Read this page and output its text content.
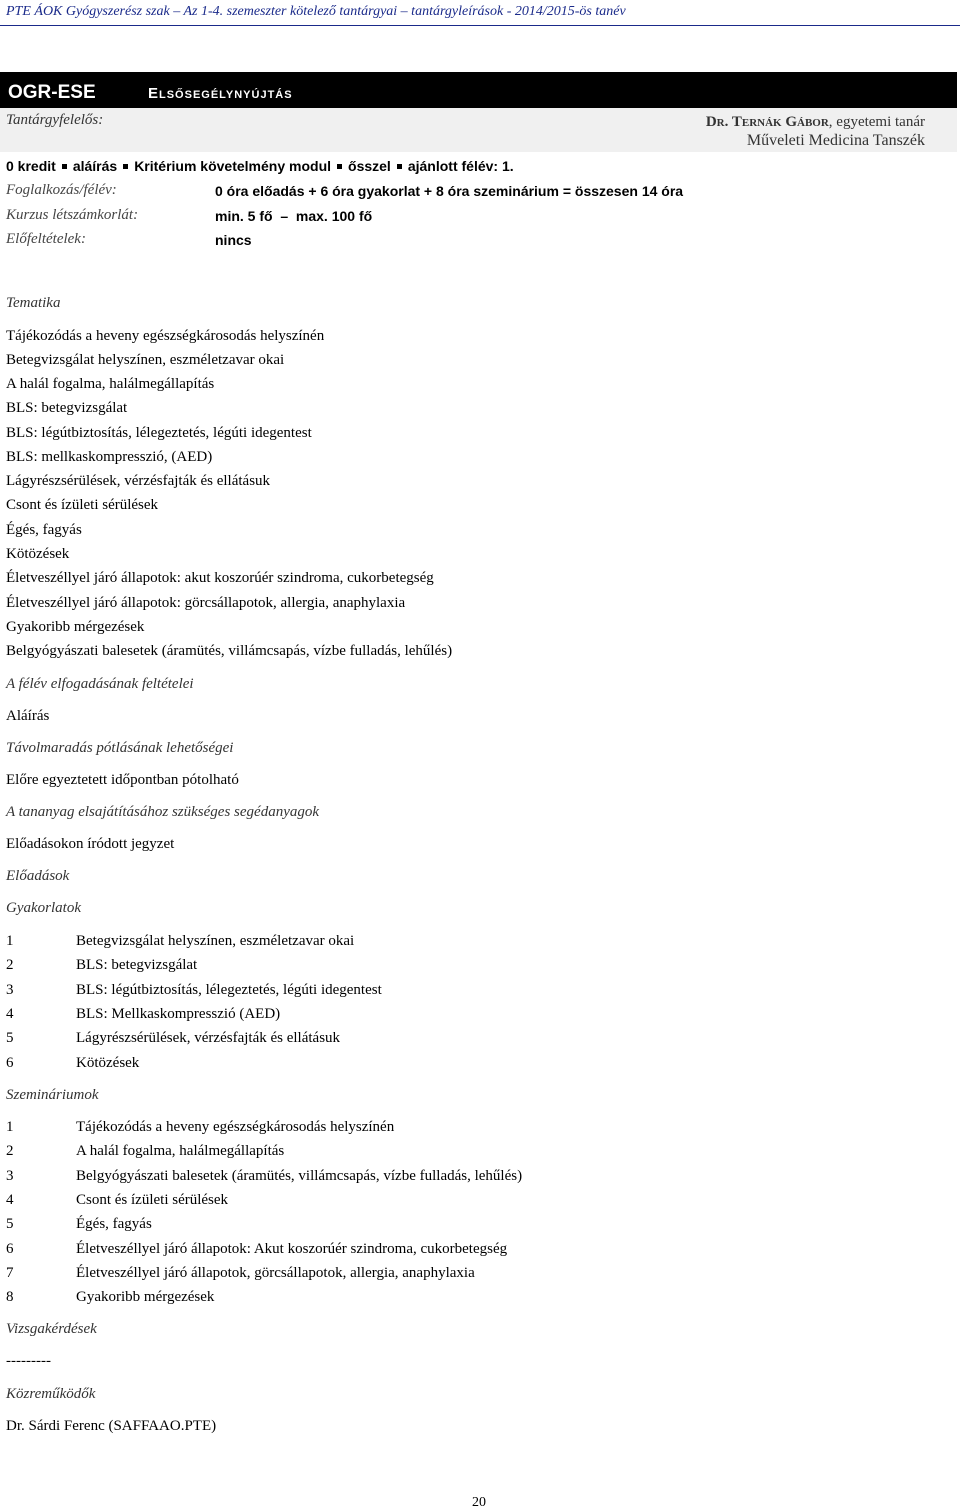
PTE ÁOK Gyógyszerész szak – Az 1-4. szemeszter kötelező tantárgyai – tantárgyleírások - 2014/2015-ös tanév
OGR-ESE	Elsősegélynyújtás
Tantárgyfelelős:	Dr. Ternák Gábor, egyetemi tanár
Műveleti Medicina Tanszék
0 kredit aláírás Kritérium követelmény modul ősszel ajánlott félév: 1.
Foglalkozás/félév:	0 óra előadás + 6 óra gyakorlat + 8 óra szeminárium = összesen 14 óra
Kurzus létszámkorlát:	min. 5 fő  –  max. 100 fő
Előfeltételek:	nincs
Tematika
Tájékozódás a heveny egészségkárosodás helyszínén
Betegvizsgálat helyszínen, eszméletzavar okai
A halál fogalma, halálmegállapítás
BLS: betegvizsgálat
BLS: légútbiztosítás, lélegeztetés, légúti idegentest
BLS: mellkaskompresszió, (AED)
Lágyrészsérülések, vérzésfajták és ellátásuk
Csont és ízületi sérülések
Égés, fagyás
Kötözések
Életveszéllyel járó állapotok: akut koszorúér szindroma, cukorbetegség
Életveszéllyel járó állapotok: görcsállapotok, allergia, anaphylaxia
Gyakoribb mérgezések
Belgyógyászati balesetek (áramütés, villámcsapás, vízbe fulladás, lehűlés)
A félév elfogadásának feltételei
Aláírás
Távolmaradás pótlásának lehetőségei
Előre egyeztetett időpontban pótolható
A tananyag elsajátításához szükséges segédanyagok
Előadásokon íródott jegyzet
Előadások
Gyakorlatok
1	Betegvizsgálat helyszínen, eszméletzavar okai
2	BLS: betegvizsgálat
3	BLS: légútbiztosítás, lélegeztetés, légúti idegentest
4	BLS: Mellkaskompresszió (AED)
5	Lágyrészsérülések, vérzésfajták és ellátásuk
6	Kötözések
Szemináriumok
1	Tájékozódás a heveny egészségkárosodás helyszínén
2	A halál fogalma, halálmegállapítás
3	Belgyógyászati balesetek (áramütés, villámcsapás, vízbe fulladás, lehűlés)
4	Csont és ízületi sérülések
5	Égés, fagyás
6	Életveszéllyel járó állapotok: Akut koszorúér szindroma, cukorbetegség
7	Életveszéllyel járó állapotok, görcsállapotok, allergia, anaphylaxia
8	Gyakoribb mérgezések
Vizsgakérdések
---------
Közreműködők
Dr. Sárdi Ferenc (SAFFAAO.PTE)
20
